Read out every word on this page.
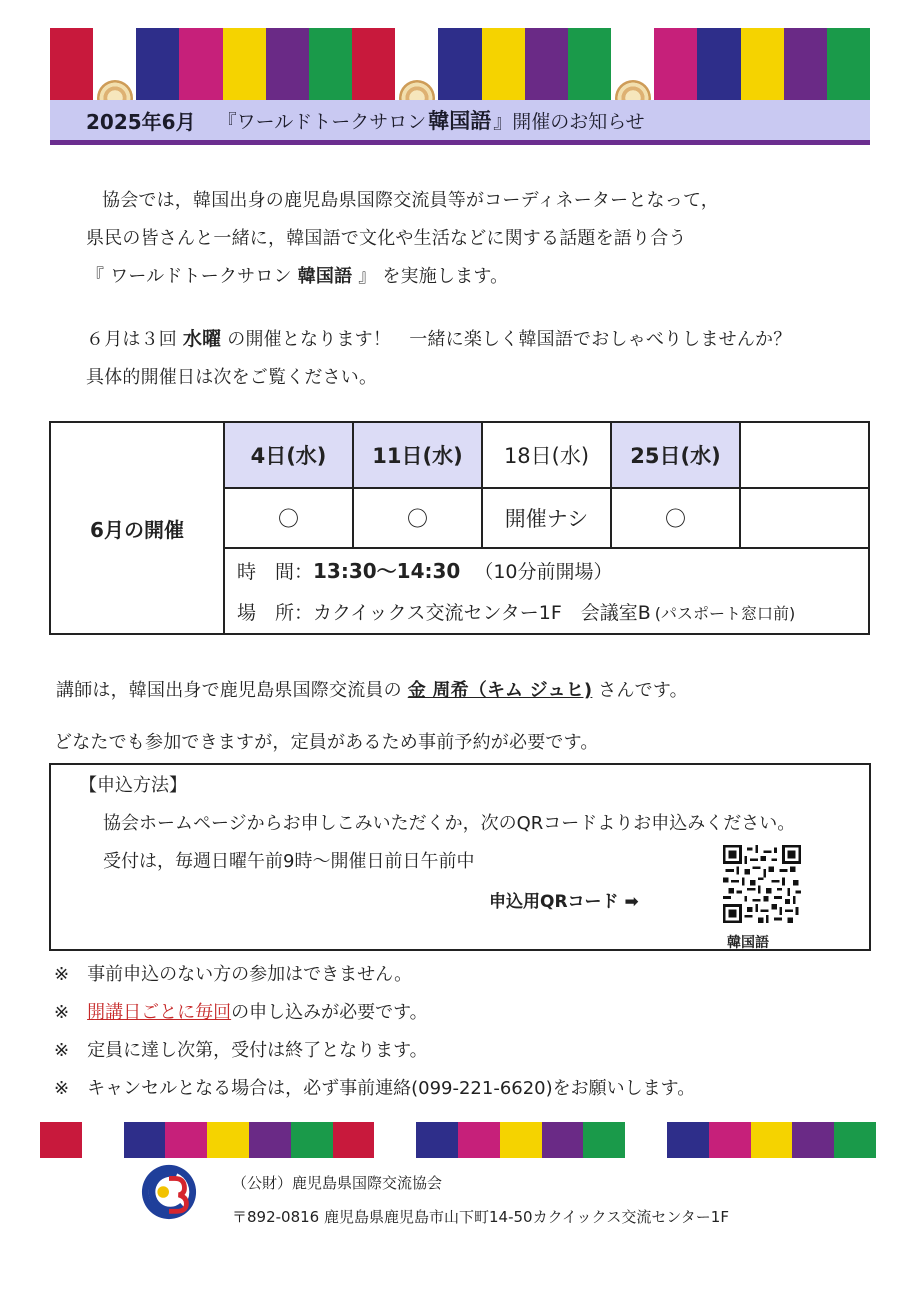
2025年6月 『ワールドトークサロン 韓国語 』開催のお知らせ
協会では，韓国出身の鹿児島県国際交流員等がコーディネーターとなって，
県民の皆さんと一緒に，韓国語で文化や生活などに関する話題を語り合う
『 ワールドトークサロン 韓国語 』 を実施します。
６月は３回 水曜 の開催となります！　一緒に楽しく韓国語でおしゃべりしませんか？
具体的開催日は次をご覧ください。
6月の開催	4日(水)	11日(水)	18日(水)	25日(水)	
	〇	〇	開催ナシ	〇	

	時　間：13:30〜14:30 （10分前開場）
場　所：カクイックス交流センター1F　会議室B (パスポート窓口前)				
講師は，韓国出身で鹿児島県国際交流員の 金 周希（キム ジュヒ) さんです。
どなたでも参加できますが，定員があるため事前予約が必要です。
【申込方法】
協会ホームページからお申しこみいただくか，次のQRコードよりお申込みください。
受付は，毎週日曜午前9時〜開催日前日午前中
申込用QRコード ➡
韓国語
※ 事前申込のない方の参加はできません。
※ 開講日ごとに毎回の申し込みが必要です。
※ 定員に達し次第，受付は終了となります。
※ キャンセルとなる場合は，必ず事前連絡(099-221-6620)をお願いします。
（公財）鹿児島県国際交流協会
〒892-0816 鹿児島県鹿児島市山下町14-50カクイックス交流センター1F
